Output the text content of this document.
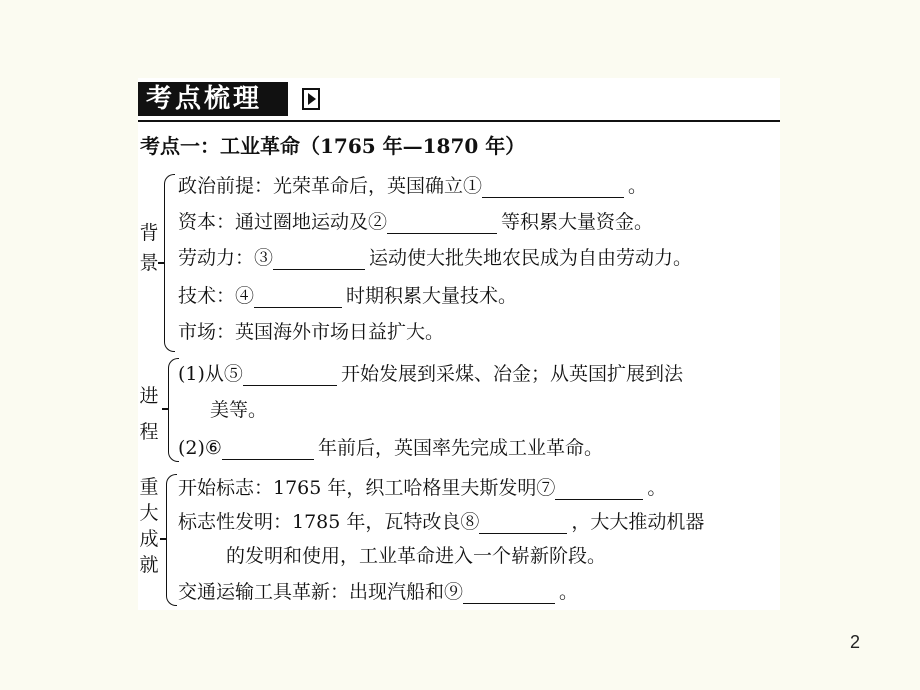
考点梳理
考点一：工业革命（1765 年—1870 年）
背景
政治前提：光荣革命后，英国确立①	。
资本：通过圈地运动及②	等积累大量资金。
劳动力：③	运动使大批失地农民成为自由劳动力。
技术：④	时期积累大量技术。
市场：英国海外市场日益扩大。
进程
(1)从⑤	开始发展到采煤、冶金；从英国扩展到法
美等。
(2)⑥	年前后，英国率先完成工业革命。
重大成就
开始标志：1765 年，织工哈格里夫斯发明⑦	。
标志性发明：1785 年，瓦特改良⑧	，大大推动机器
的发明和使用，工业革命进入一个崭新阶段。
交通运输工具革新：出现汽船和⑨	。
2
